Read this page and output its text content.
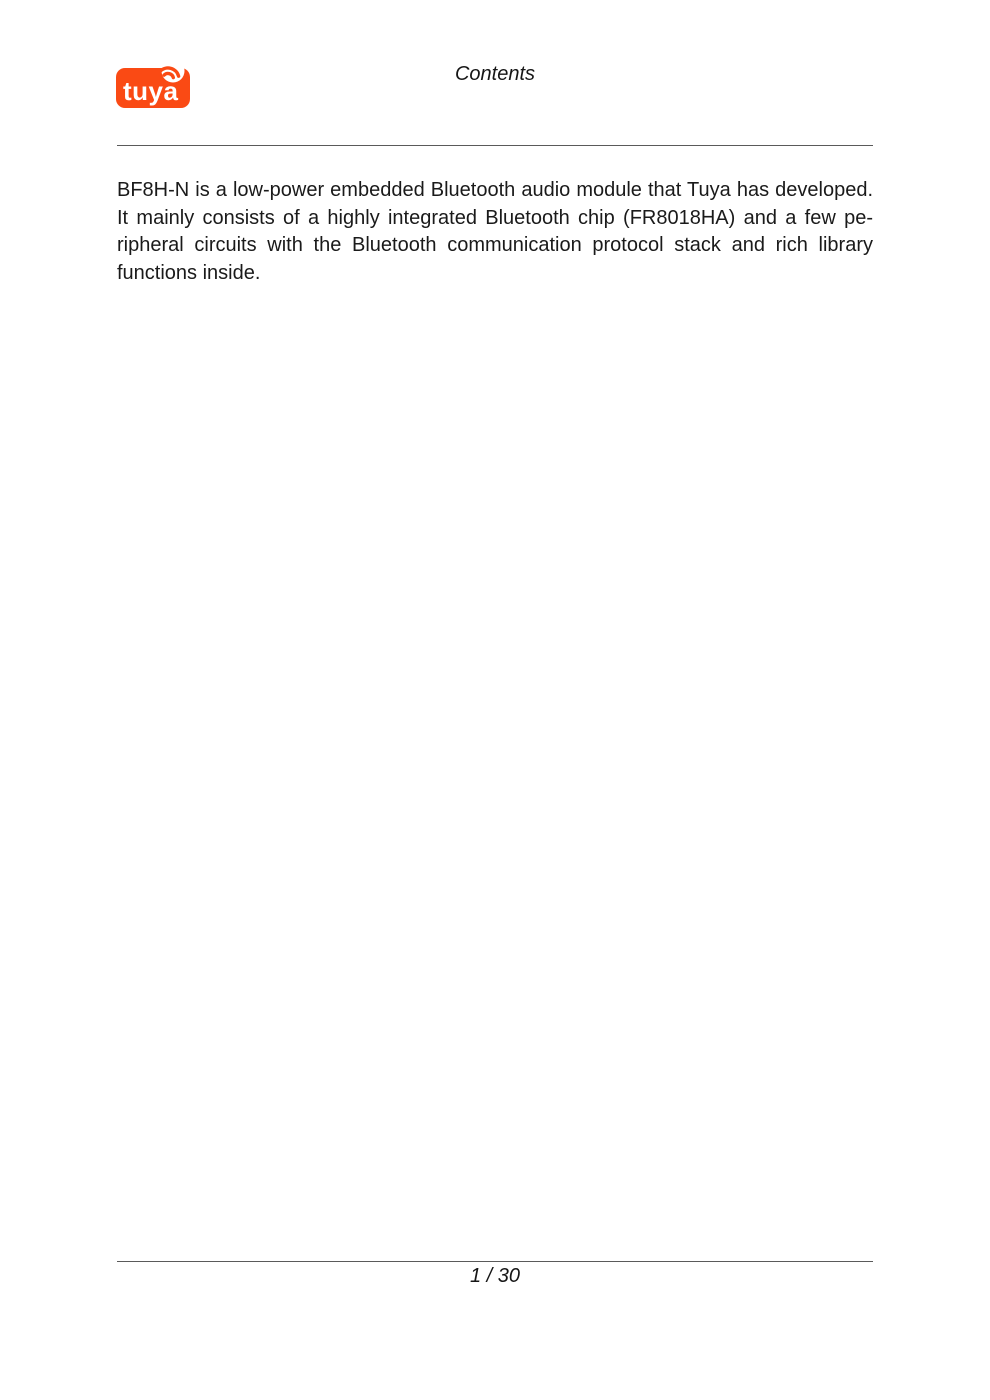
tuya
Contents
BF8H-N is a low-power embedded Bluetooth audio module that Tuya has developed.
It mainly consists of a highly integrated Bluetooth chip (FR8018HA) and a few pe-
ripheral circuits with the Bluetooth communication protocol stack and rich library
functions inside.
1 / 30
